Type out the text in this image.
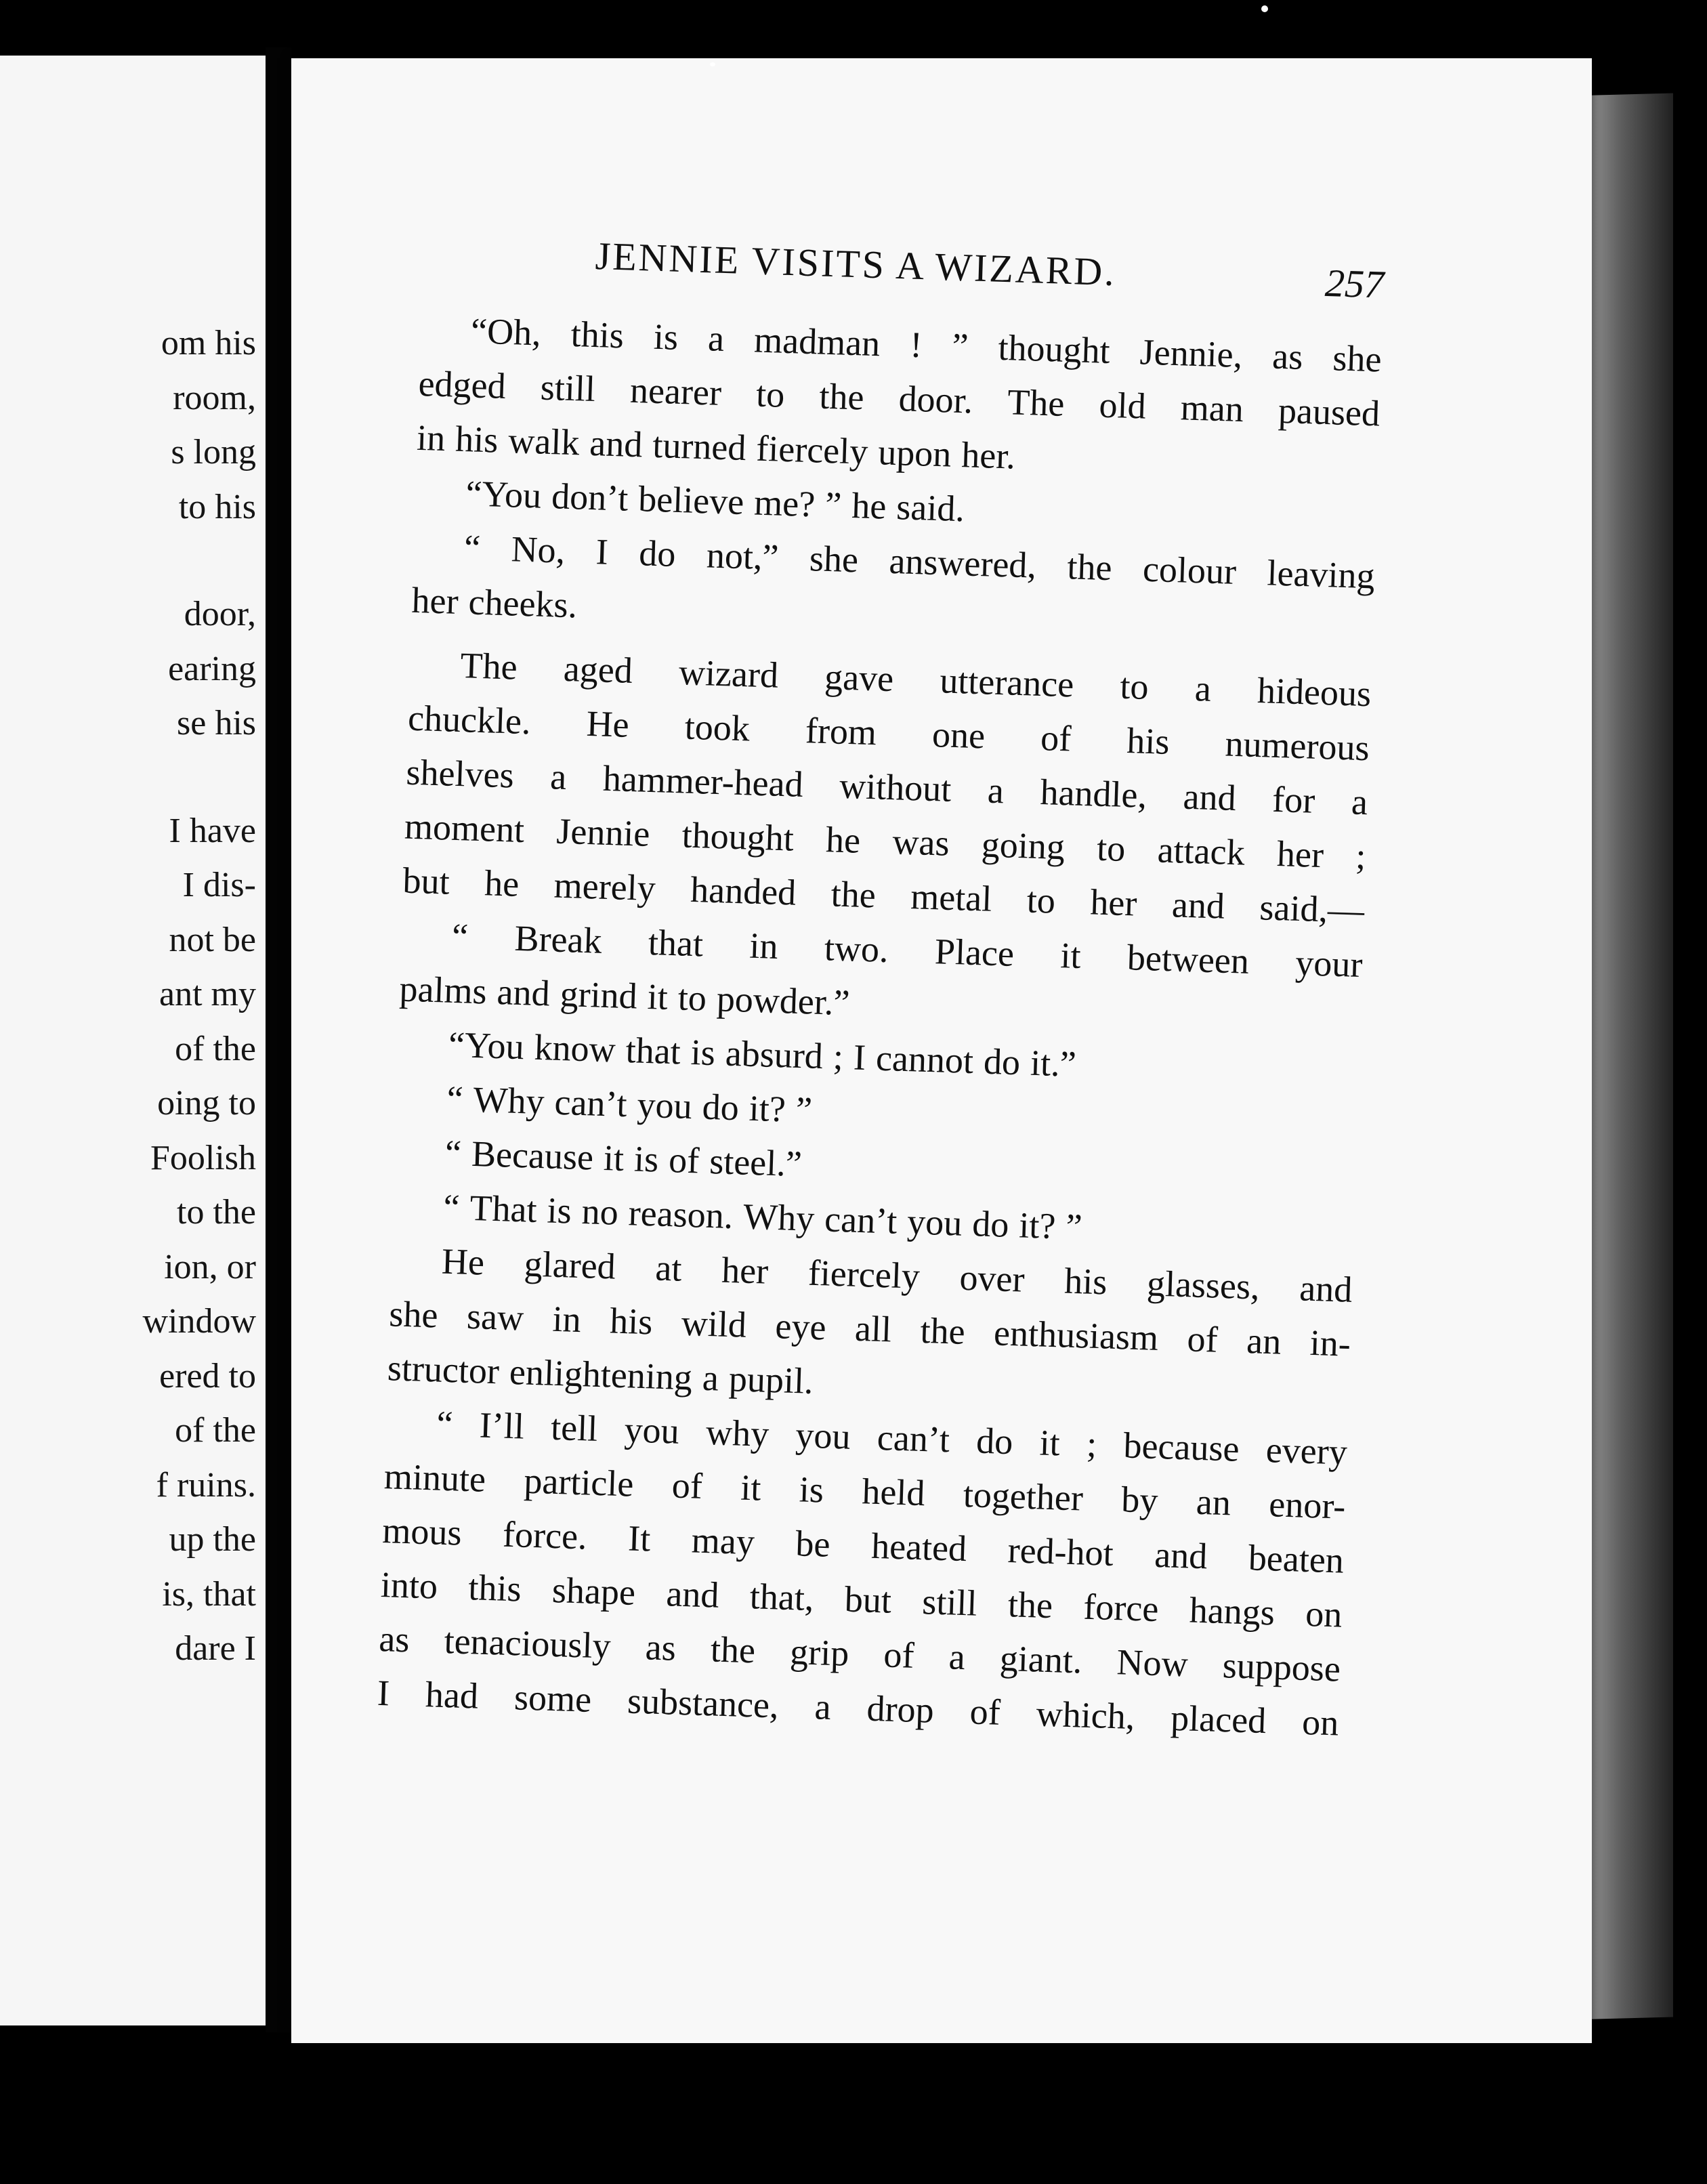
om his
room,
s long
to his
door,
earing
se his
I have
I dis-
not be
ant my
of the
oing to
Foolish
to the
ion, or
window
ered to
of the
f ruins.
up the
is, that
dare I
JENNIE VISITS A WIZARD.	257
“Oh, this is a madman ! ” thought Jennie, as she
edged still nearer to the door. The old man paused
in his walk and turned fiercely upon her.
“You don’t believe me? ” he said.
“ No, I do not,” she answered, the colour leaving
her cheeks.
The aged wizard gave utterance to a hideous
chuckle. He took from one of his numerous
shelves a hammer-head without a handle, and for a
moment Jennie thought he was going to attack her ;
but he merely handed the metal to her and said,—
“ Break that in two. Place it between your
palms and grind it to powder.”
“You know that is absurd ; I cannot do it.”
“ Why can’t you do it? ”
“ Because it is of steel.”
“ That is no reason. Why can’t you do it? ”
He glared at her fiercely over his glasses, and
she saw in his wild eye all the enthusiasm of an in-
structor enlightening a pupil.
“ I’ll tell you why you can’t do it ; because every
minute particle of it is held together by an enor-
mous force. It may be heated red-hot and beaten
into this shape and that, but still the force hangs on
as tenaciously as the grip of a giant. Now suppose
I had some substance, a drop of which, placed on
